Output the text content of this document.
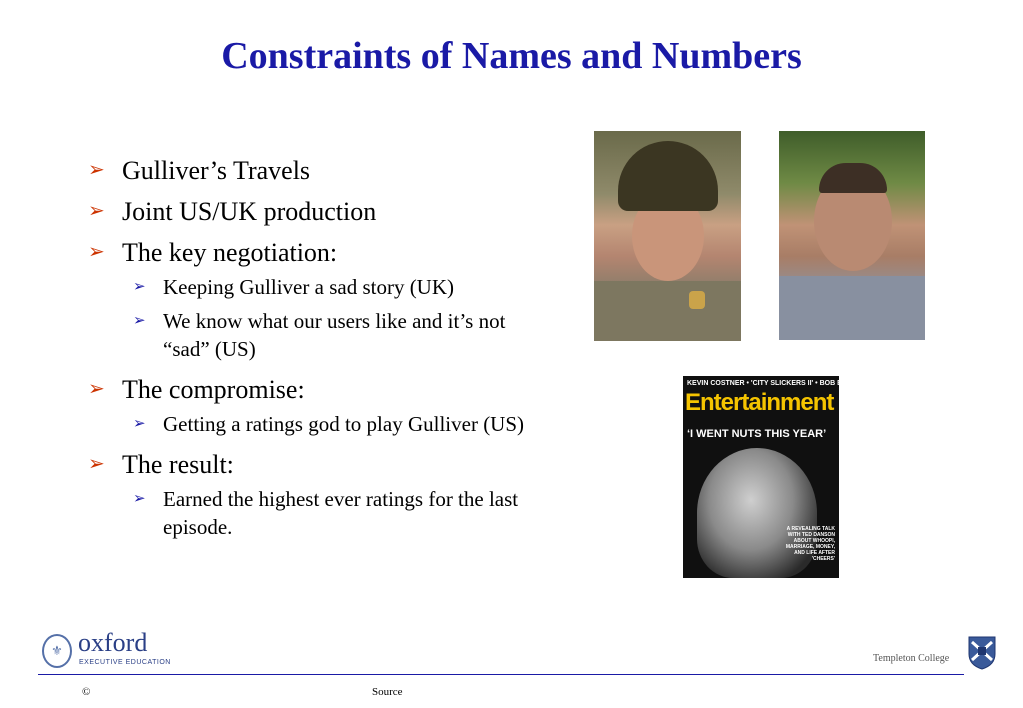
Constraints of Names and Numbers
➢ Gulliver’s Travels
➢ Joint US/UK production
➢ The key negotiation:
➢ Keeping Gulliver a sad story (UK)
➢ We know what our users like and it’s not “sad” (US)
➢ The compromise:
➢ Getting a ratings god to play Gulliver (US)
➢ The result:
➢ Earned the highest ever ratings for the last episode.
KEVIN COSTNER • 'CITY SLICKERS II' • BOB BARKER
Entertainment
‘I WENT NUTS THIS YEAR’
A REVEALING TALK WITH TED DANSON ABOUT WHOOPI, MARRIAGE, MONEY, AND LIFE AFTER 'CHEERS'
⚜ oxford
EXECUTIVE EDUCATION	Templeton College
©	Source
